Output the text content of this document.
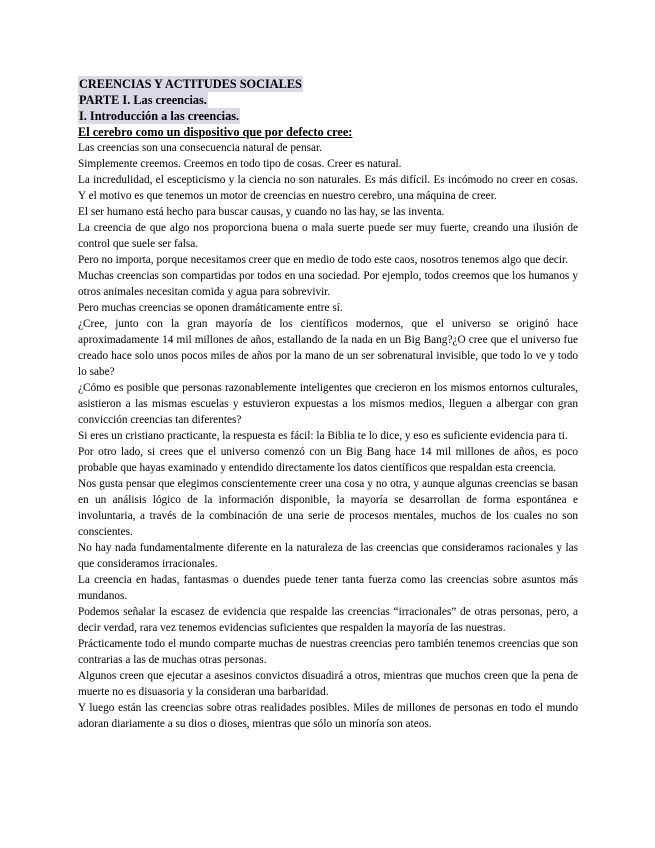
CREENCIAS Y ACTITUDES SOCIALES
PARTE I. Las creencias.
I. Introducción a las creencias.
El cerebro como un dispositivo que por defecto cree:

Las creencias son una consecuencia natural de pensar.

Simplemente creemos. Creemos en todo tipo de cosas. Creer es natural.

La incredulidad, el escepticismo y la ciencia no son naturales. Es más difícil. Es incómodo no creer en cosas. Y el motivo es que tenemos un motor de creencias en nuestro cerebro, una máquina de creer.

El ser humano está hecho para buscar causas, y cuando no las hay, se las inventa.

La creencia de que algo nos proporciona buena o mala suerte puede ser muy fuerte, creando una ilusión de control que suele ser falsa.

Pero no importa, porque necesitamos creer que en medio de todo este caos, nosotros tenemos algo que decir.

Muchas creencias son compartidas por todos en una sociedad. Por ejemplo, todos creemos que los humanos y otros animales necesitan comida y agua para sobrevivir.

Pero muchas creencias se oponen dramáticamente entre sí.

¿Cree, junto con la gran mayoría de los científicos modernos, que el universo se originó hace aproximadamente 14 mil millones de años, estallando de la nada en un Big Bang?¿O cree que el universo fue creado hace solo unos pocos miles de años por la mano de un ser sobrenatural invisible, que todo lo ve y todo lo sabe?

¿Cómo es posible que personas razonablemente inteligentes que crecieron en los mismos entornos culturales, asistieron a las mismas escuelas y estuvieron expuestas a los mismos medios, lleguen a albergar con gran convicción creencias tan diferentes?

Si eres un cristiano practicante, la respuesta es fácil: la Biblia te lo dice, y eso es suficiente evidencia para ti.

Por otro lado, si crees que el universo comenzó con un Big Bang hace 14 mil millones de años, es poco probable que hayas examinado y entendido directamente los datos científicos que respaldan esta creencia.

Nos gusta pensar que elegimos conscientemente creer una cosa y no otra, y aunque algunas creencias se basan en un análisis lógico de la información disponible, la mayoría se desarrollan de forma espontánea e involuntaria, a través de la combinación de una serie de procesos mentales, muchos de los cuales no son conscientes.

No hay nada fundamentalmente diferente en la naturaleza de las creencias que consideramos racionales y las que consideramos irracionales.

La creencia en hadas, fantasmas o duendes puede tener tanta fuerza como las creencias sobre asuntos más mundanos.

Podemos señalar la escasez de evidencia que respalde las creencias “irracionales” de otras personas, pero, a decir verdad, rara vez tenemos evidencias suficientes que respalden la mayoría de las nuestras.

Prácticamente todo el mundo comparte muchas de nuestras creencias pero también tenemos creencias que son contrarias a las de muchas otras personas.

Algunos creen que ejecutar a asesinos convictos disuadirá a otros, mientras que muchos creen que la pena de muerte no es disuasoria y la consideran una barbaridad.

Y luego están las creencias sobre otras realidades posibles. Miles de millones de personas en todo el mundo adoran diariamente a su dios o dioses, mientras que sólo un minoría son ateos.
